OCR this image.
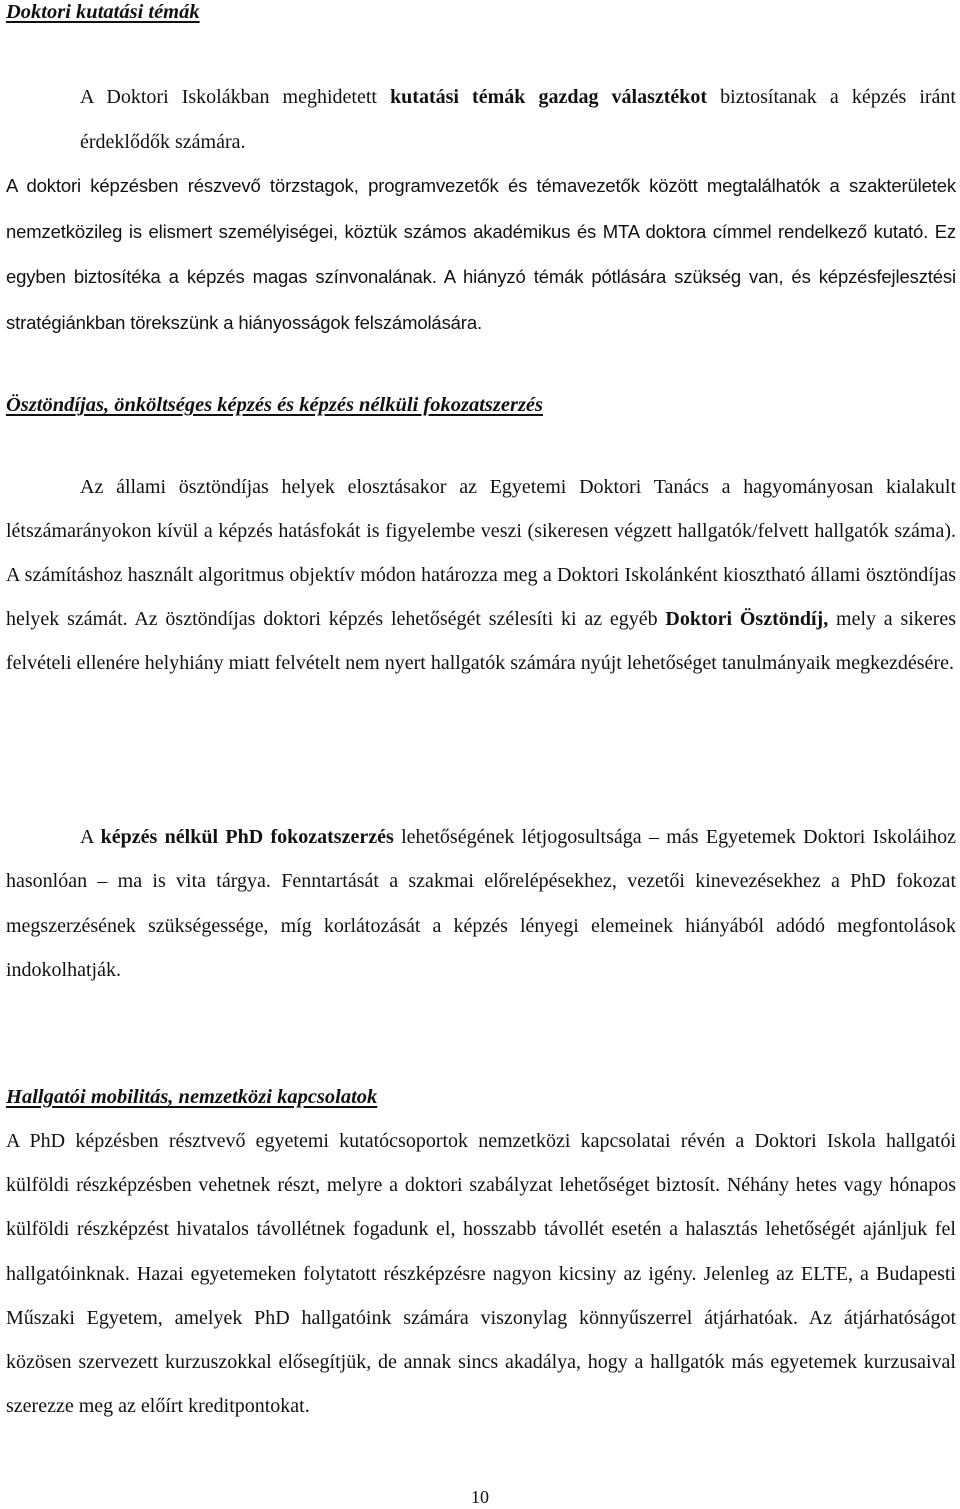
Doktori kutatási témák

A Doktori Iskolákban meghidetett kutatási témák gazdag választékot biztosítanak a képzés iránt érdeklődők számára.
A doktori képzésben részvevő törzstagok, programvezetők és témavezetők között megtalálhatók a szakterületek nemzetközileg is elismert személyiségei, köztük számos akadémikus és MTA doktora címmel rendelkező kutató. Ez egyben biztosítéka a képzés magas színvonalának. A hiányzó témák pótlására szükség van, és képzésfejlesztési stratégiánkban törekszünk a hiányosságok felszámolására.

Ösztöndíjas, önköltséges képzés és képzés nélküli fokozatszerzés

Az állami ösztöndíjas helyek elosztásakor az Egyetemi Doktori Tanács a hagyományosan kialakult létszámarányokon kívül a képzés hatásfokát is figyelembe veszi (sikeresen végzett hallgatók/felvett hallgatók száma). A számításhoz használt algoritmus objektív módon határozza meg a Doktori Iskolánként kiosztható állami ösztöndíjas helyek számát. Az ösztöndíjas doktori képzés lehetőségét szélesíti ki az egyéb Doktori Ösztöndíj, mely a sikeres felvételi ellenére helyhiány miatt felvételt nem nyert hallgatók számára nyújt lehetőséget tanulmányaik megkezdésére.

A képzés nélkül PhD fokozatszerzés lehetőségének létjogosultsága – más Egyetemek Doktori Iskoláihoz hasonlóan – ma is vita tárgya. Fenntartását a szakmai előrelépésekhez, vezetői kinevezésekhez a PhD fokozat megszerzésének szükségessége, míg korlátozását a képzés lényegi elemeinek hiányából adódó megfontolások indokolhatják.

Hallgatói mobilitás, nemzetközi kapcsolatok

A PhD képzésben résztvevő egyetemi kutatócsoportok nemzetközi kapcsolatai révén a Doktori Iskola hallgatói külföldi részképzésben vehetnek részt, melyre a doktori szabályzat lehetőséget biztosít. Néhány hetes vagy hónapos külföldi részképzést hivatalos távollétnek fogadunk el, hosszabb távollét esetén a halasztás lehetőségét ajánljuk fel hallgatóinknak. Hazai egyetemeken folytatott részképzésre nagyon kicsiny az igény. Jelenleg az ELTE, a Budapesti Műszaki Egyetem, amelyek PhD hallgatóink számára viszonylag könnyűszerrel átjárhatóak. Az átjárhatóságot közösen szervezett kurzuszokkal elősegítjük, de annak sincs akadálya, hogy a hallgatók más egyetemek kurzusaival szerezze meg az előírt kreditpontokat.

10
